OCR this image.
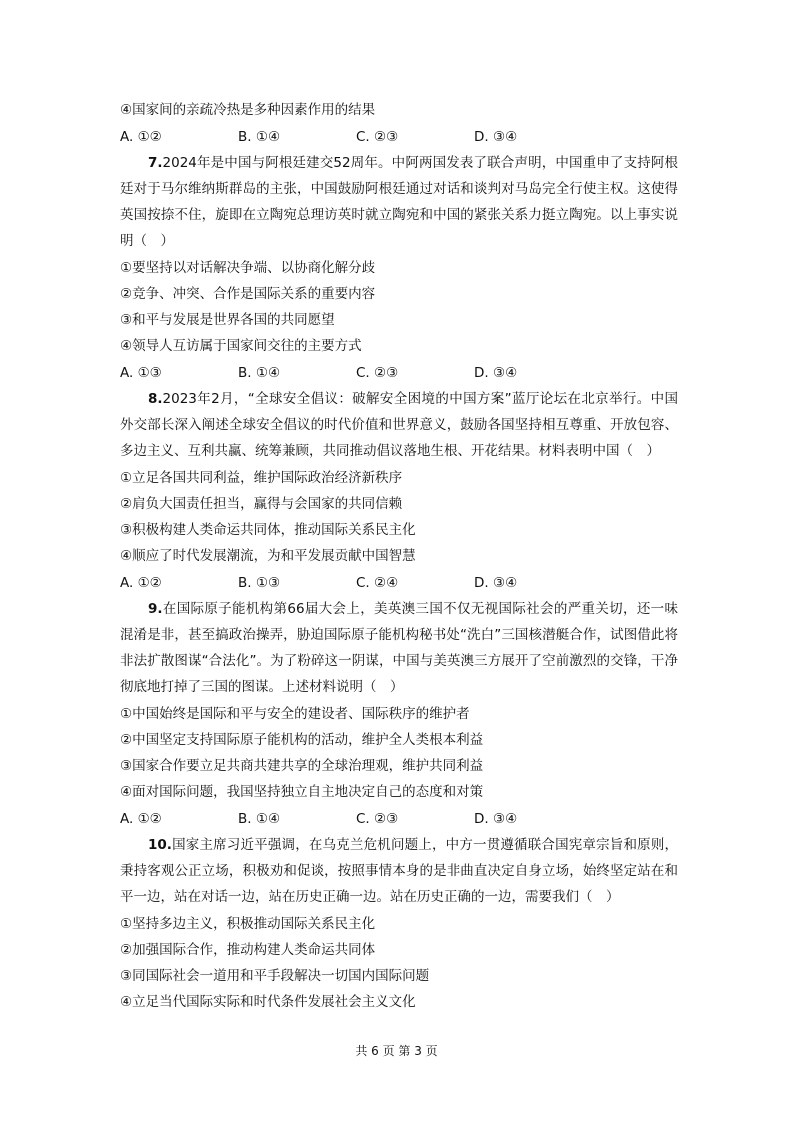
④国家间的亲疏冷热是多种因素作用的结果
A. ①②	B. ①④	C. ②③	D. ③④
7.2024年是中国与阿根廷建交52周年。中阿两国发表了联合声明，中国重申了支持阿根廷对于马尔维纳斯群岛的主张，中国鼓励阿根廷通过对话和谈判对马岛完全行使主权。这使得英国按捺不住，旋即在立陶宛总理访英时就立陶宛和中国的紧张关系力挺立陶宛。以上事实说明（　）
①要坚持以对话解决争端、以协商化解分歧
②竞争、冲突、合作是国际关系的重要内容
③和平与发展是世界各国的共同愿望
④领导人互访属于国家间交往的主要方式
A. ①③	B. ①④	C. ②③	D. ③④
8.2023年2月，“全球安全倡议：破解安全困境的中国方案”蓝厅论坛在北京举行。中国外交部长深入阐述全球安全倡议的时代价值和世界意义，鼓励各国坚持相互尊重、开放包容、多边主义、互利共赢、统筹兼顾，共同推动倡议落地生根、开花结果。材料表明中国（　）
①立足各国共同利益，维护国际政治经济新秩序
②肩负大国责任担当，赢得与会国家的共同信赖
③积极构建人类命运共同体，推动国际关系民主化
④顺应了时代发展潮流，为和平发展贡献中国智慧
A. ①②	B. ①③	C. ②④	D. ③④
9.在国际原子能机构第66届大会上，美英澳三国不仅无视国际社会的严重关切，还一味混淆是非，甚至搞政治操弄，胁迫国际原子能机构秘书处“洗白”三国核潜艇合作，试图借此将非法扩散图谋“合法化”。为了粉碎这一阴谋，中国与美英澳三方展开了空前激烈的交锋，干净彻底地打掉了三国的图谋。上述材料说明（　）
①中国始终是国际和平与安全的建设者、国际秩序的维护者
②中国坚定支持国际原子能机构的活动，维护全人类根本利益
③国家合作要立足共商共建共享的全球治理观，维护共同利益
④面对国际问题，我国坚持独立自主地决定自己的态度和对策
A. ①②	B. ①④	C. ②③	D. ③④
10.国家主席习近平强调，在乌克兰危机问题上，中方一贯遵循联合国宪章宗旨和原则，秉持客观公正立场，积极劝和促谈，按照事情本身的是非曲直决定自身立场，始终坚定站在和平一边，站在对话一边，站在历史正确一边。站在历史正确的一边，需要我们（　）
①坚持多边主义，积极推动国际关系民主化
②加强国际合作，推动构建人类命运共同体
③同国际社会一道用和平手段解决一切国内国际问题
④立足当代国际实际和时代条件发展社会主义文化
共 6 页 第 3 页
